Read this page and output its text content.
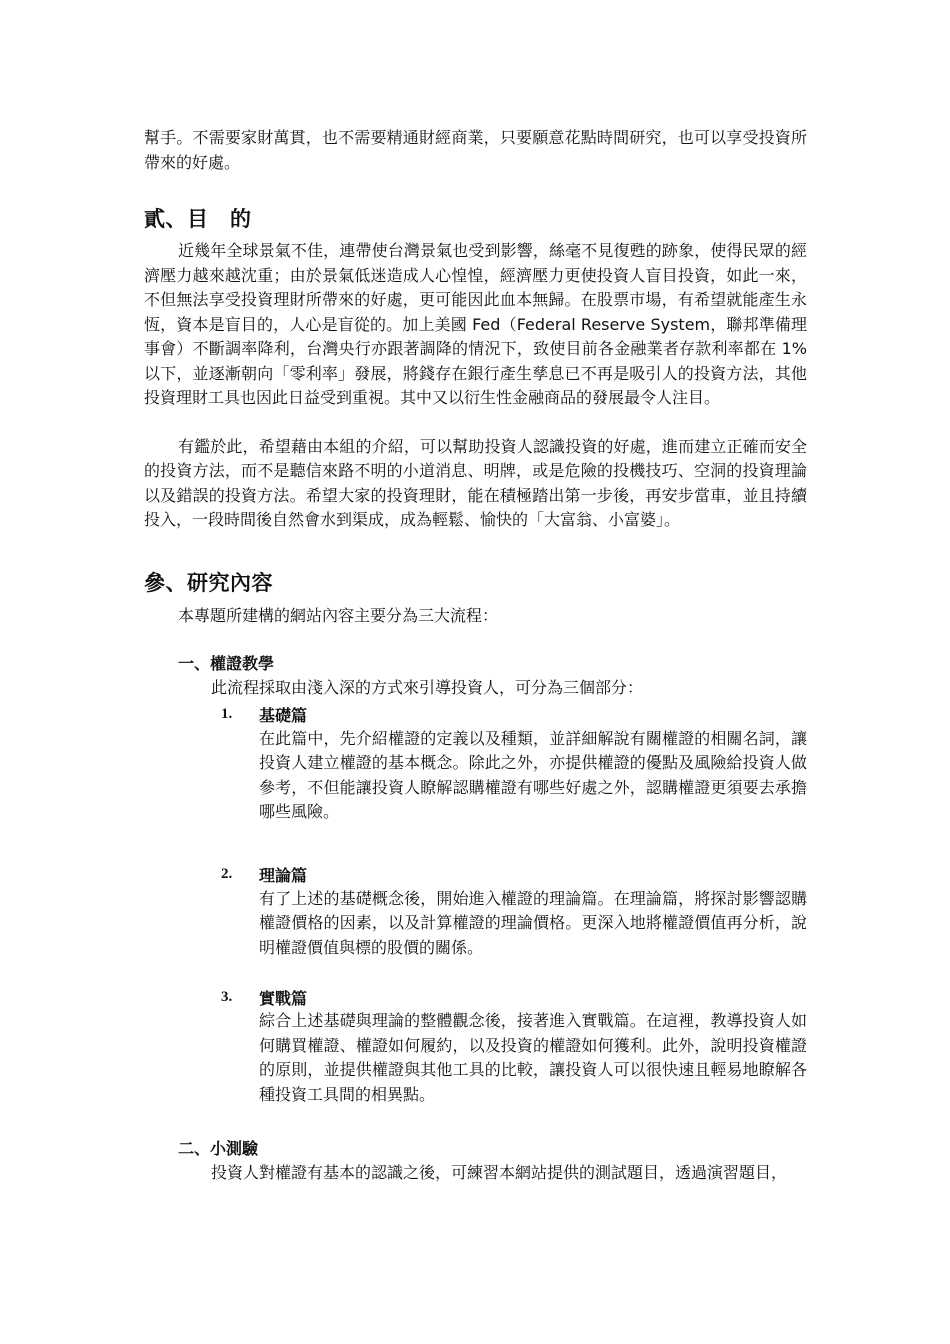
幫手。不需要家財萬貫，也不需要精通財經商業，只要願意花點時間研究，也可以享受投資所帶來的好處。

貳、目　的

近幾年全球景氣不佳，連帶使台灣景氣也受到影響，絲毫不見復甦的跡象，使得民眾的經濟壓力越來越沈重；由於景氣低迷造成人心惶惶，經濟壓力更使投資人盲目投資，如此一來，不但無法享受投資理財所帶來的好處，更可能因此血本無歸。在股票市場，有希望就能產生永恆，資本是盲目的，人心是盲從的。加上美國 Fed（Federal Reserve System，聯邦準備理事會）不斷調率降利，台灣央行亦跟著調降的情況下，致使目前各金融業者存款利率都在 1% 以下，並逐漸朝向「零利率」發展，將錢存在銀行產生孳息已不再是吸引人的投資方法，其他投資理財工具也因此日益受到重視。其中又以衍生性金融商品的發展最令人注目。

有鑑於此，希望藉由本組的介紹，可以幫助投資人認識投資的好處，進而建立正確而安全的投資方法，而不是聽信來路不明的小道消息、明牌，或是危險的投機技巧、空洞的投資理論以及錯誤的投資方法。希望大家的投資理財，能在積極踏出第一步後，再安步當車，並且持續投入，一段時間後自然會水到渠成，成為輕鬆、愉快的「大富翁、小富婆」。

參、研究內容

本專題所建構的網站內容主要分為三大流程：

一、權證教學

此流程採取由淺入深的方式來引導投資人，可分為三個部分：

1.	基礎篇

在此篇中，先介紹權證的定義以及種類，並詳細解說有關權證的相關名詞，讓投資人建立權證的基本概念。除此之外，亦提供權證的優點及風險給投資人做參考，不但能讓投資人瞭解認購權證有哪些好處之外，認購權證更須要去承擔哪些風險。

2.	理論篇

有了上述的基礎概念後，開始進入權證的理論篇。在理論篇，將探討影響認購權證價格的因素，以及計算權證的理論價格。更深入地將權證價值再分析，說明權證價值與標的股價的關係。

3.	實戰篇

綜合上述基礎與理論的整體觀念後，接著進入實戰篇。在這裡，教導投資人如何購買權證、權證如何履約，以及投資的權證如何獲利。此外，說明投資權證的原則，並提供權證與其他工具的比較，讓投資人可以很快速且輕易地瞭解各種投資工具間的相異點。

二、小測驗

投資人對權證有基本的認識之後，可練習本網站提供的測試題目，透過演習題目，
